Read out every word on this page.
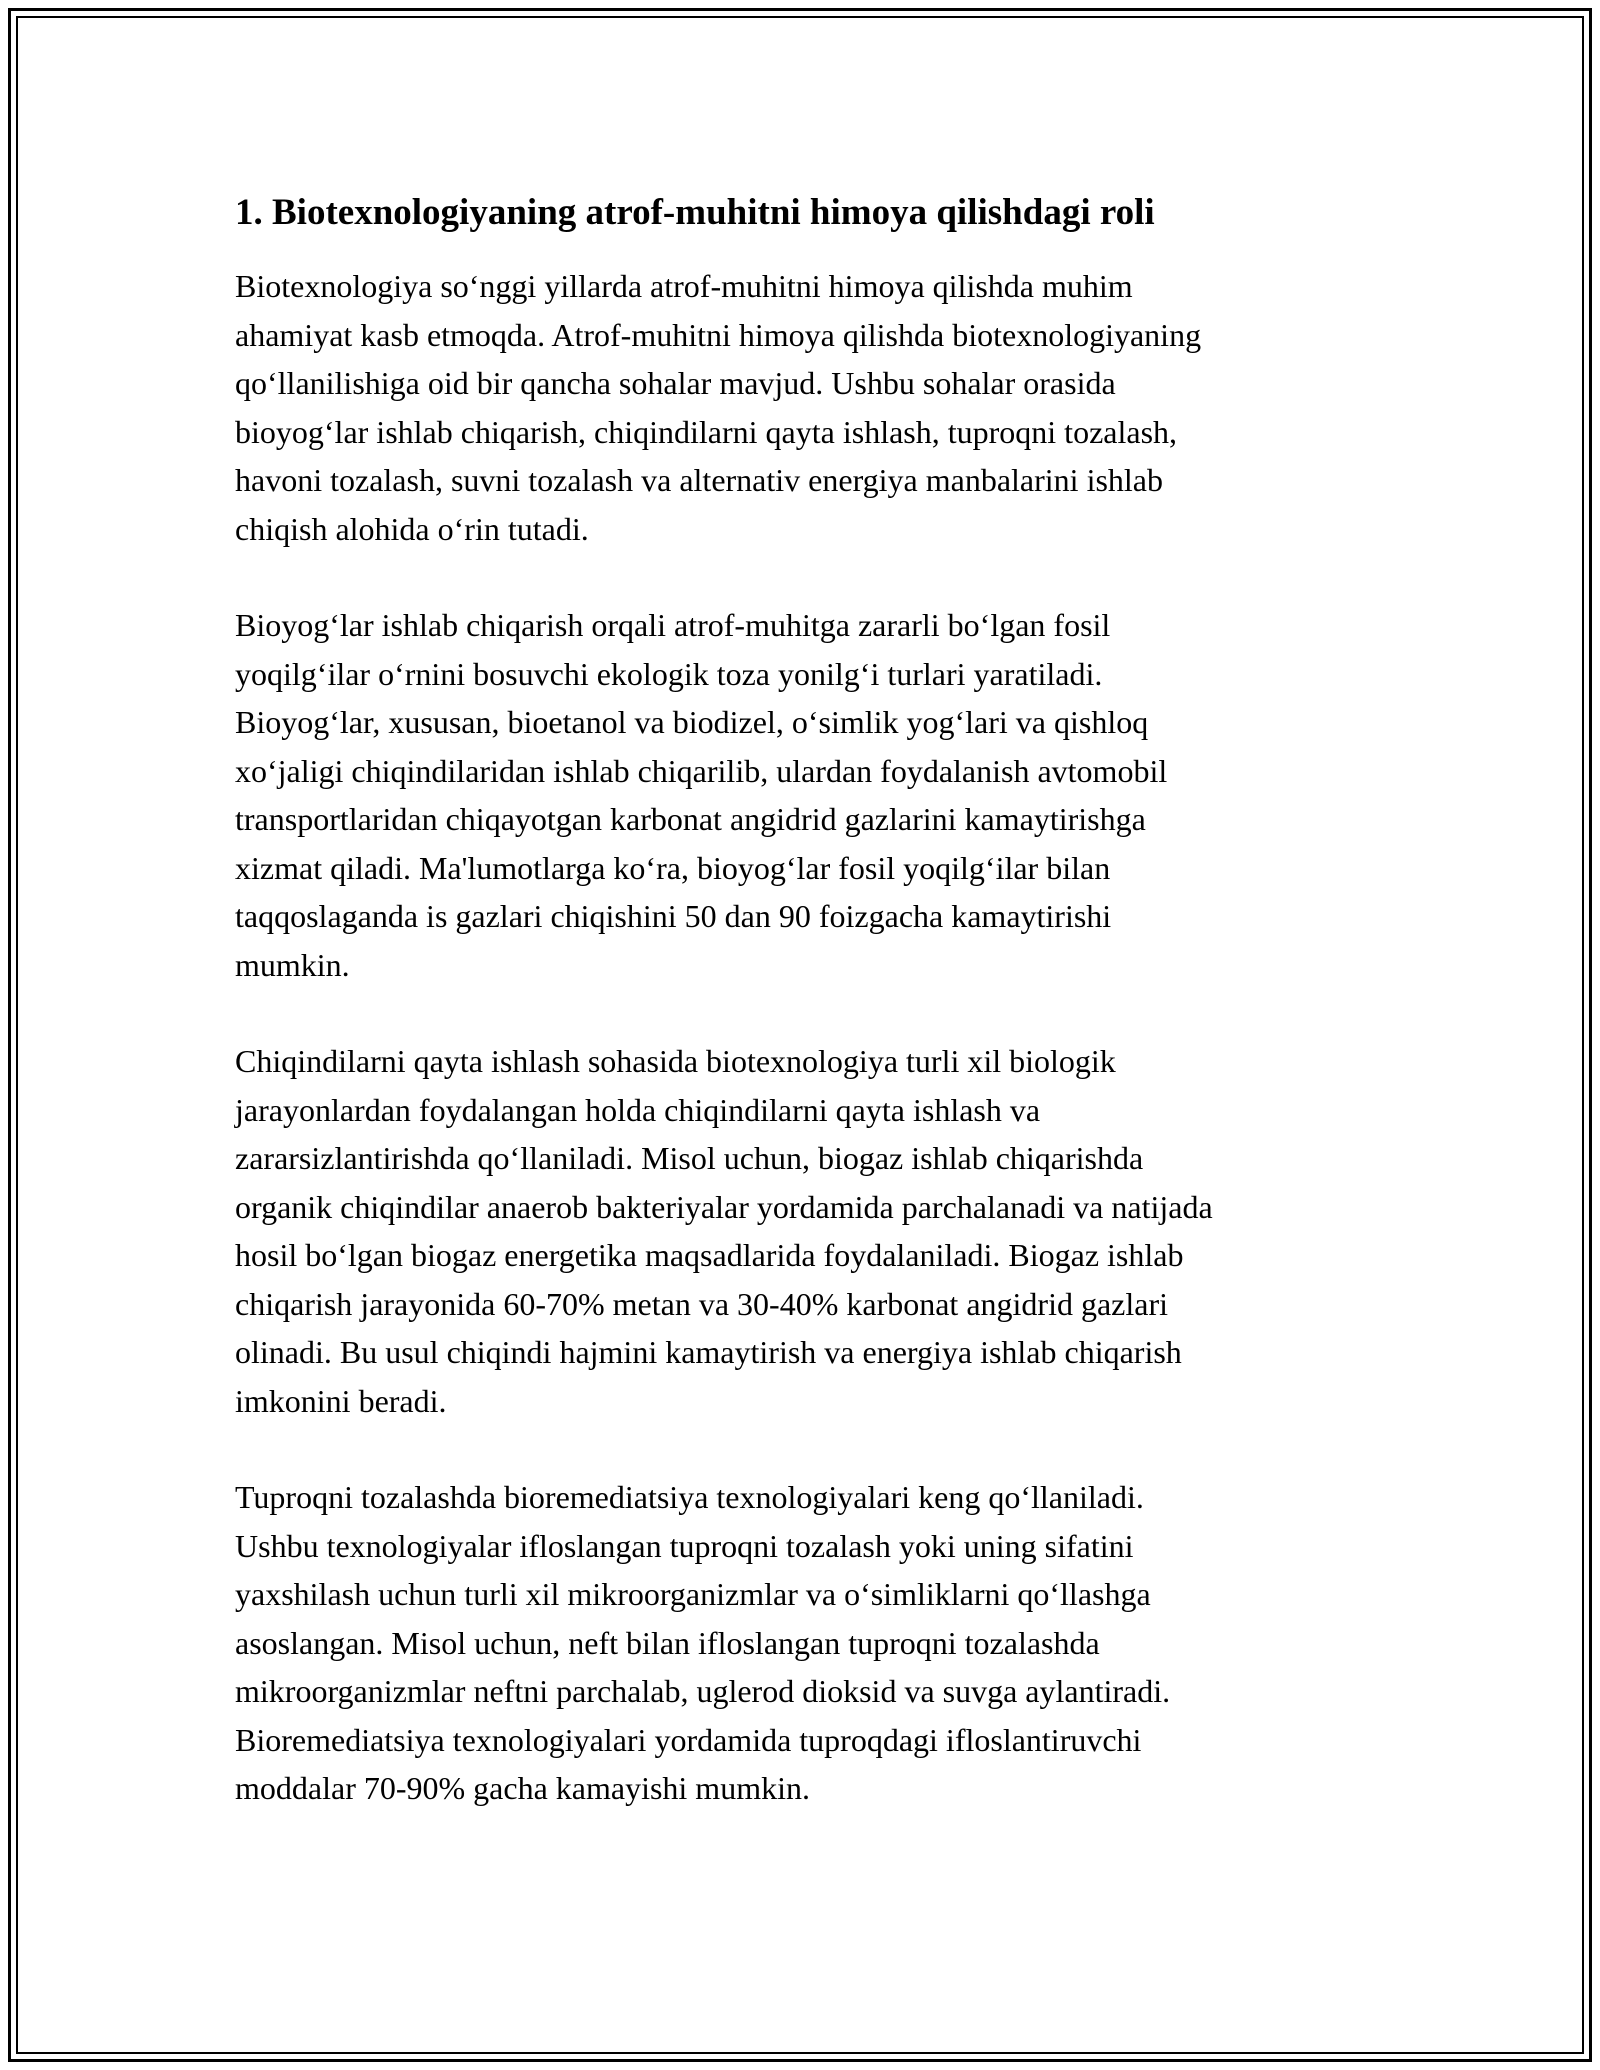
1. Biotexnologiyaning atrof-muhitni himoya qilishdagi roli

Biotexnologiya so‘nggi yillarda atrof-muhitni himoya qilishda muhim
ahamiyat kasb etmoqda. Atrof-muhitni himoya qilishda biotexnologiyaning
qo‘llanilishiga oid bir qancha sohalar mavjud. Ushbu sohalar orasida
bioyog‘lar ishlab chiqarish, chiqindilarni qayta ishlash, tuproqni tozalash,
havoni tozalash, suvni tozalash va alternativ energiya manbalarini ishlab
chiqish alohida o‘rin tutadi.

Bioyog‘lar ishlab chiqarish orqali atrof-muhitga zararli bo‘lgan fosil
yoqilg‘ilar o‘rnini bosuvchi ekologik toza yonilg‘i turlari yaratiladi.
Bioyog‘lar, xususan, bioetanol va biodizel, o‘simlik yog‘lari va qishloq
xo‘jaligi chiqindilaridan ishlab chiqarilib, ulardan foydalanish avtomobil
transportlaridan chiqayotgan karbonat angidrid gazlarini kamaytirishga
xizmat qiladi. Ma'lumotlarga ko‘ra, bioyog‘lar fosil yoqilg‘ilar bilan
taqqoslaganda is gazlari chiqishini 50 dan 90 foizgacha kamaytirishi
mumkin.

Chiqindilarni qayta ishlash sohasida biotexnologiya turli xil biologik
jarayonlardan foydalangan holda chiqindilarni qayta ishlash va
zararsizlantirishda qo‘llaniladi. Misol uchun, biogaz ishlab chiqarishda
organik chiqindilar anaerob bakteriyalar yordamida parchalanadi va natijada
hosil bo‘lgan biogaz energetika maqsadlarida foydalaniladi. Biogaz ishlab
chiqarish jarayonida 60-70% metan va 30-40% karbonat angidrid gazlari
olinadi. Bu usul chiqindi hajmini kamaytirish va energiya ishlab chiqarish
imkonini beradi.

Tuproqni tozalashda bioremediatsiya texnologiyalari keng qo‘llaniladi.
Ushbu texnologiyalar ifloslangan tuproqni tozalash yoki uning sifatini
yaxshilash uchun turli xil mikroorganizmlar va o‘simliklarni qo‘llashga
asoslangan. Misol uchun, neft bilan ifloslangan tuproqni tozalashda
mikroorganizmlar neftni parchalab, uglerod dioksid va suvga aylantiradi.
Bioremediatsiya texnologiyalari yordamida tuproqdagi ifloslantiruvchi
moddalar 70-90% gacha kamayishi mumkin.
